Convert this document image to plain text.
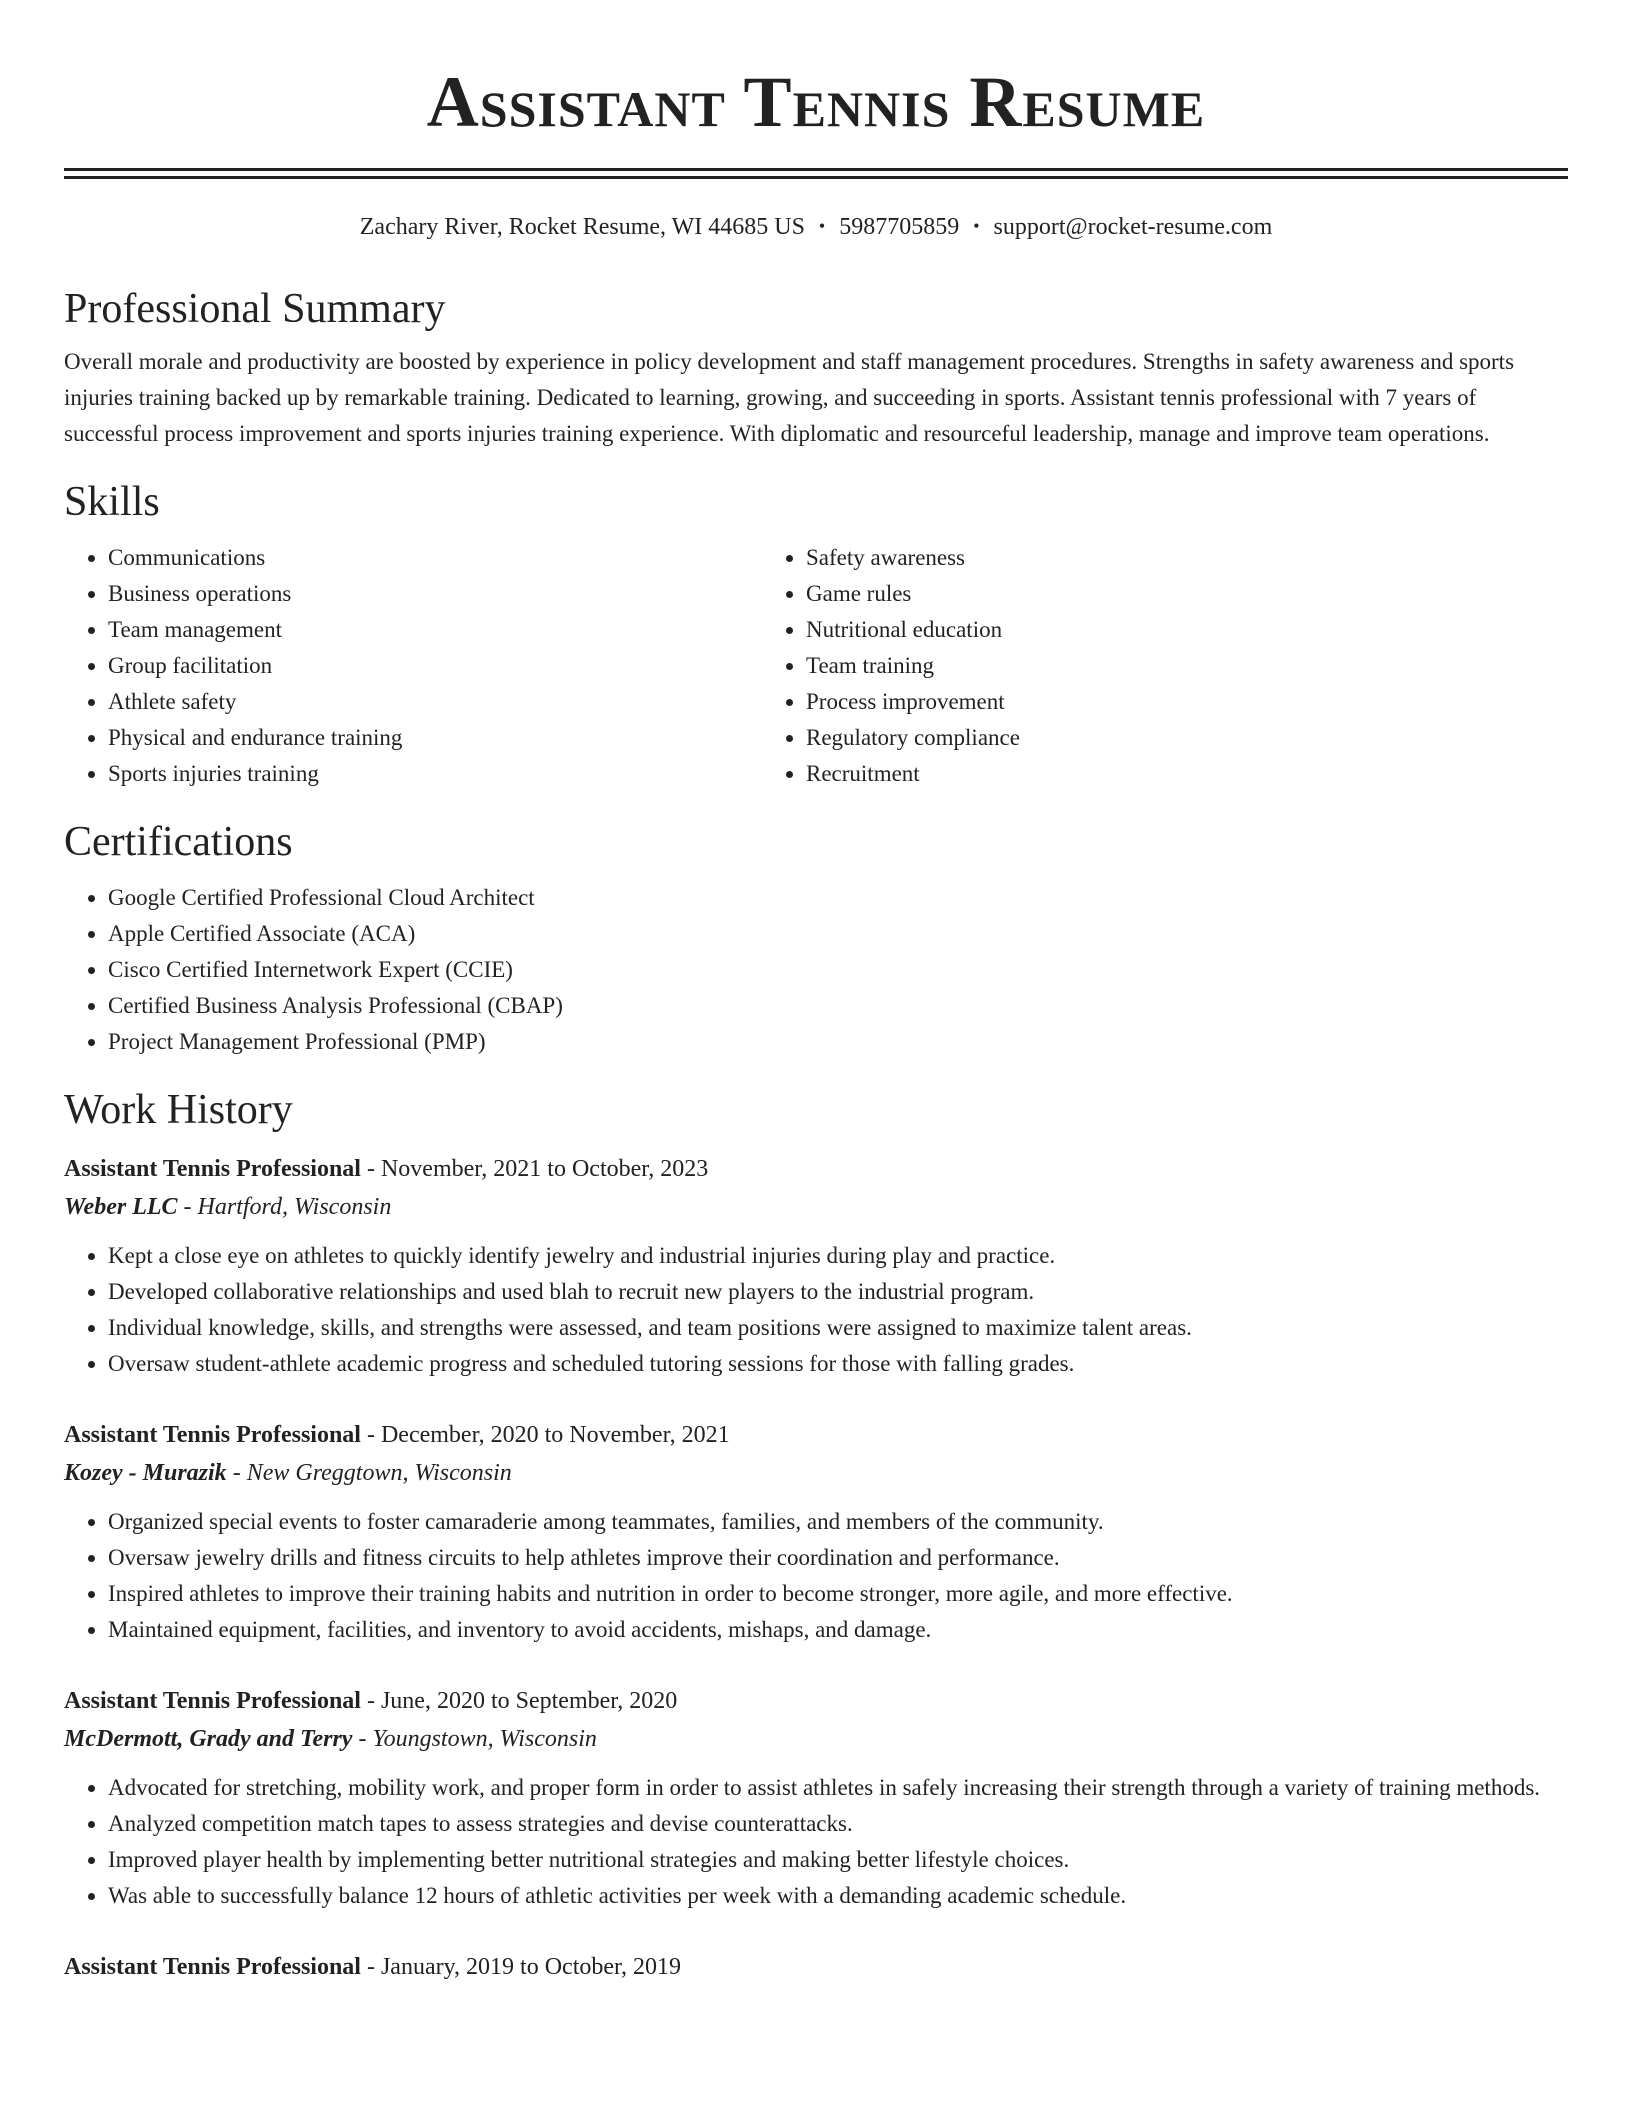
Assistant Tennis Resume
Zachary River, Rocket Resume, WI 44685 US • 5987705859 • support@rocket-resume.com
Professional Summary
Overall morale and productivity are boosted by experience in policy development and staff management procedures. Strengths in safety awareness and sports injuries training backed up by remarkable training. Dedicated to learning, growing, and succeeding in sports. Assistant tennis professional with 7 years of successful process improvement and sports injuries training experience. With diplomatic and resourceful leadership, manage and improve team operations.
Skills
• Communications
• Business operations
• Team management
• Group facilitation
• Athlete safety
• Physical and endurance training
• Sports injuries training
• Safety awareness
• Game rules
• Nutritional education
• Team training
• Process improvement
• Regulatory compliance
• Recruitment
Certifications
• Google Certified Professional Cloud Architect
• Apple Certified Associate (ACA)
• Cisco Certified Internetwork Expert (CCIE)
• Certified Business Analysis Professional (CBAP)
• Project Management Professional (PMP)
Work History
Assistant Tennis Professional - November, 2021 to October, 2023
Weber LLC - Hartford, Wisconsin
• Kept a close eye on athletes to quickly identify jewelry and industrial injuries during play and practice.
• Developed collaborative relationships and used blah to recruit new players to the industrial program.
• Individual knowledge, skills, and strengths were assessed, and team positions were assigned to maximize talent areas.
• Oversaw student-athlete academic progress and scheduled tutoring sessions for those with falling grades.
Assistant Tennis Professional - December, 2020 to November, 2021
Kozey - Murazik - New Greggtown, Wisconsin
• Organized special events to foster camaraderie among teammates, families, and members of the community.
• Oversaw jewelry drills and fitness circuits to help athletes improve their coordination and performance.
• Inspired athletes to improve their training habits and nutrition in order to become stronger, more agile, and more effective.
• Maintained equipment, facilities, and inventory to avoid accidents, mishaps, and damage.
Assistant Tennis Professional - June, 2020 to September, 2020
McDermott, Grady and Terry - Youngstown, Wisconsin
• Advocated for stretching, mobility work, and proper form in order to assist athletes in safely increasing their strength through a variety of training methods.
• Analyzed competition match tapes to assess strategies and devise counterattacks.
• Improved player health by implementing better nutritional strategies and making better lifestyle choices.
• Was able to successfully balance 12 hours of athletic activities per week with a demanding academic schedule.
Assistant Tennis Professional - January, 2019 to October, 2019
